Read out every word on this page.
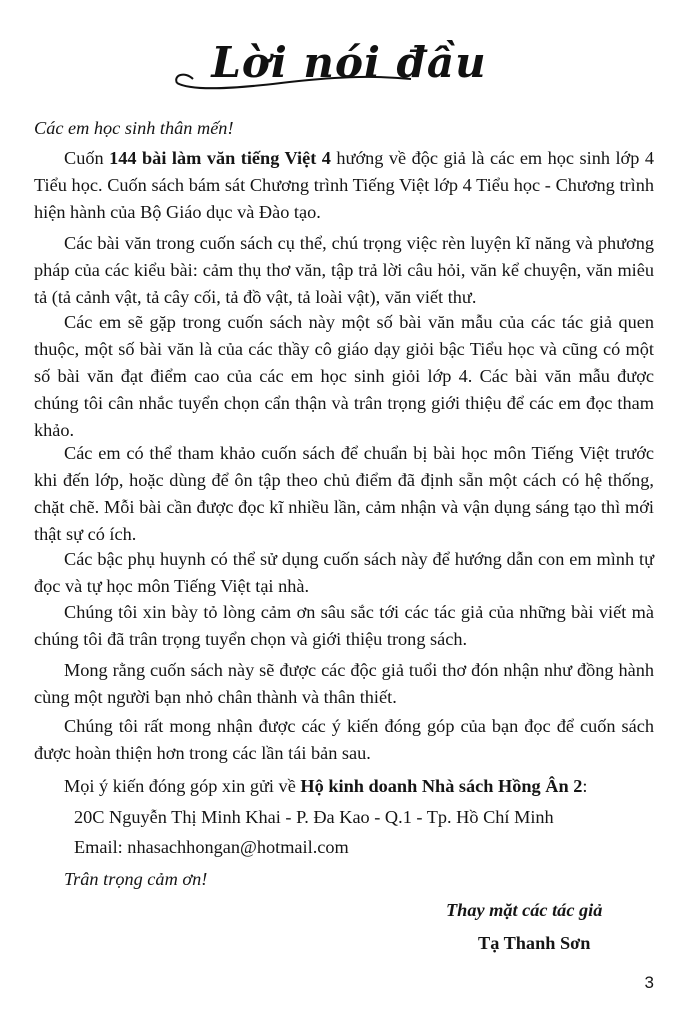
Lời nói đầu

Các em học sinh thân mến!

Cuốn 144 bài làm văn tiếng Việt 4 hướng về độc giả là các em học sinh lớp 4 Tiểu học. Cuốn sách bám sát Chương trình Tiếng Việt lớp 4 Tiểu học - Chương trình hiện hành của Bộ Giáo dục và Đào tạo.

Các bài văn trong cuốn sách cụ thể, chú trọng việc rèn luyện kĩ năng và phương pháp của các kiểu bài: cảm thụ thơ văn, tập trả lời câu hỏi, văn kể chuyện, văn miêu tả (tả cảnh vật, tả cây cối, tả đồ vật, tả loài vật), văn viết thư.

Các em sẽ gặp trong cuốn sách này một số bài văn mẫu của các tác giả quen thuộc, một số bài văn là của các thầy cô giáo dạy giỏi bậc Tiểu học và cũng có một số bài văn đạt điểm cao của các em học sinh giỏi lớp 4. Các bài văn mẫu được chúng tôi cân nhắc tuyển chọn cẩn thận và trân trọng giới thiệu để các em đọc tham khảo.

Các em có thể tham khảo cuốn sách để chuẩn bị bài học môn Tiếng Việt trước khi đến lớp, hoặc dùng để ôn tập theo chủ điểm đã định sẵn một cách có hệ thống, chặt chẽ. Mỗi bài cần được đọc kĩ nhiều lần, cảm nhận và vận dụng sáng tạo thì mới thật sự có ích.

Các bậc phụ huynh có thể sử dụng cuốn sách này để hướng dẫn con em mình tự đọc và tự học môn Tiếng Việt tại nhà.

Chúng tôi xin bày tỏ lòng cảm ơn sâu sắc tới các tác giả của những bài viết mà chúng tôi đã trân trọng tuyển chọn và giới thiệu trong sách.

Mong rằng cuốn sách này sẽ được các độc giả tuổi thơ đón nhận như đồng hành cùng một người bạn nhỏ chân thành và thân thiết.

Chúng tôi rất mong nhận được các ý kiến đóng góp của bạn đọc để cuốn sách được hoàn thiện hơn trong các lần tái bản sau.

Mọi ý kiến đóng góp xin gửi về Hộ kinh doanh Nhà sách Hồng Ân 2:

20C Nguyễn Thị Minh Khai - P. Đa Kao - Q.1 - Tp. Hồ Chí Minh

Email: nhasachhongan@hotmail.com

Trân trọng cảm ơn!

Thay mặt các tác giả

Tạ Thanh Sơn

3
